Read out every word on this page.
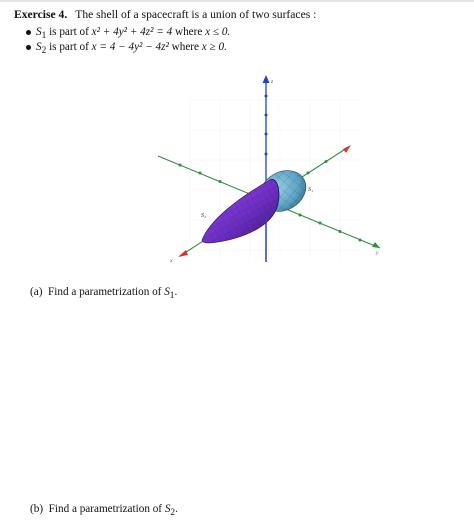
Exercise 4. The shell of a spacecraft is a union of two surfaces :
$S_1$ is part of x² + 4y² + 4z² = 4 where x ≤ 0.
$S_2$ is part of x = 4 − 4y² − 4z² where x ≥ 0.
y
x
z
S₁
S₂
(a) Find a parametrization of $S_1$.
(b) Find a parametrization of $S_2$.
